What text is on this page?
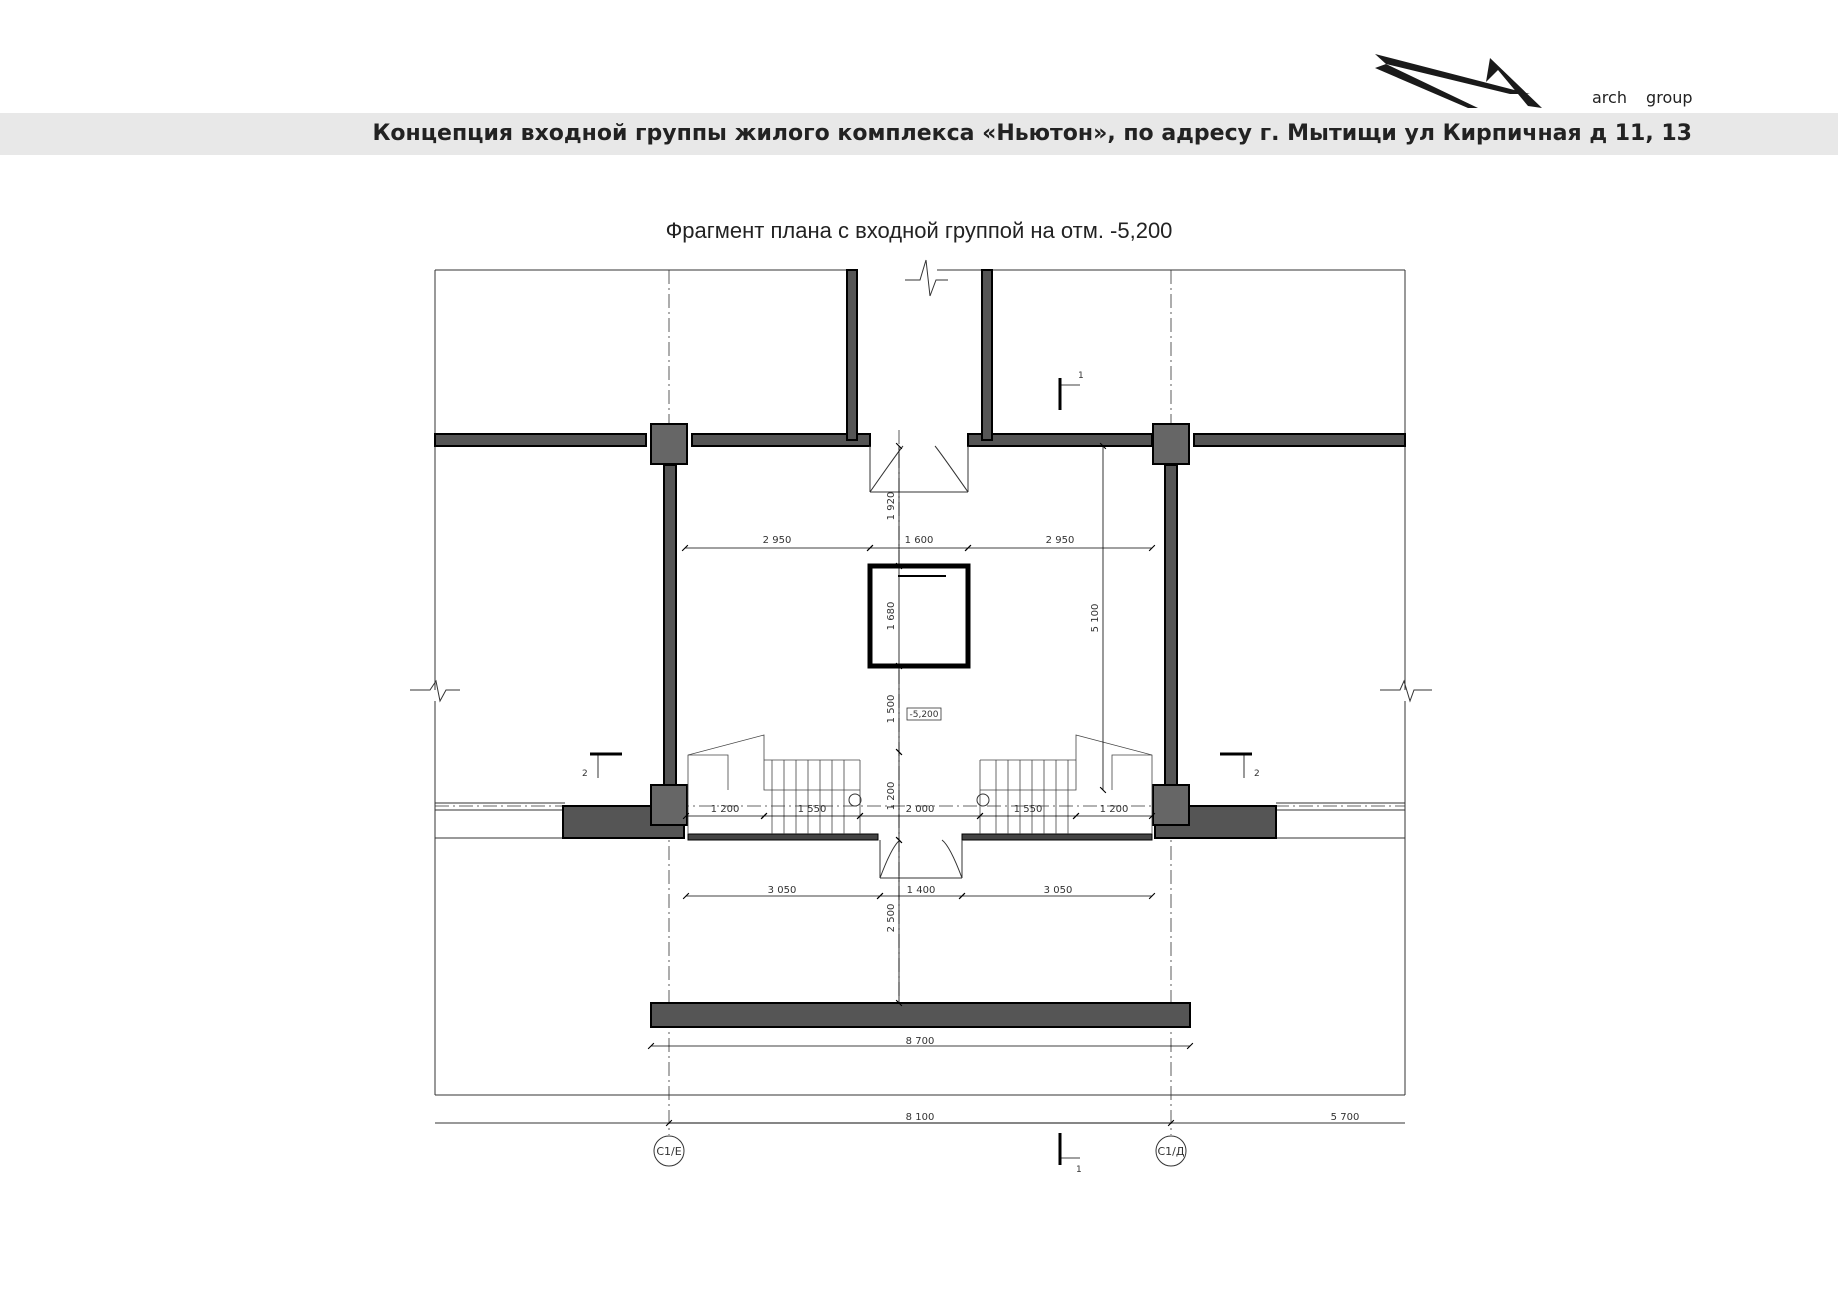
arch group
Концепция входной группы жилого комплекса «Ньютон», по адресу г. Мытищи ул Кирпичная д 11, 13
Фрагмент плана с входной группой на отм. -5,200
2 950	1 600	2 950
1 920
1 680	5 100
1 500
1 200
1 200	1 550	2 000	1 550	1 200
3 050	1 400	3 050
2 500
8 700
8 100	5 700
-5,200
1
1
2	2
С1/Е	С1/Д
